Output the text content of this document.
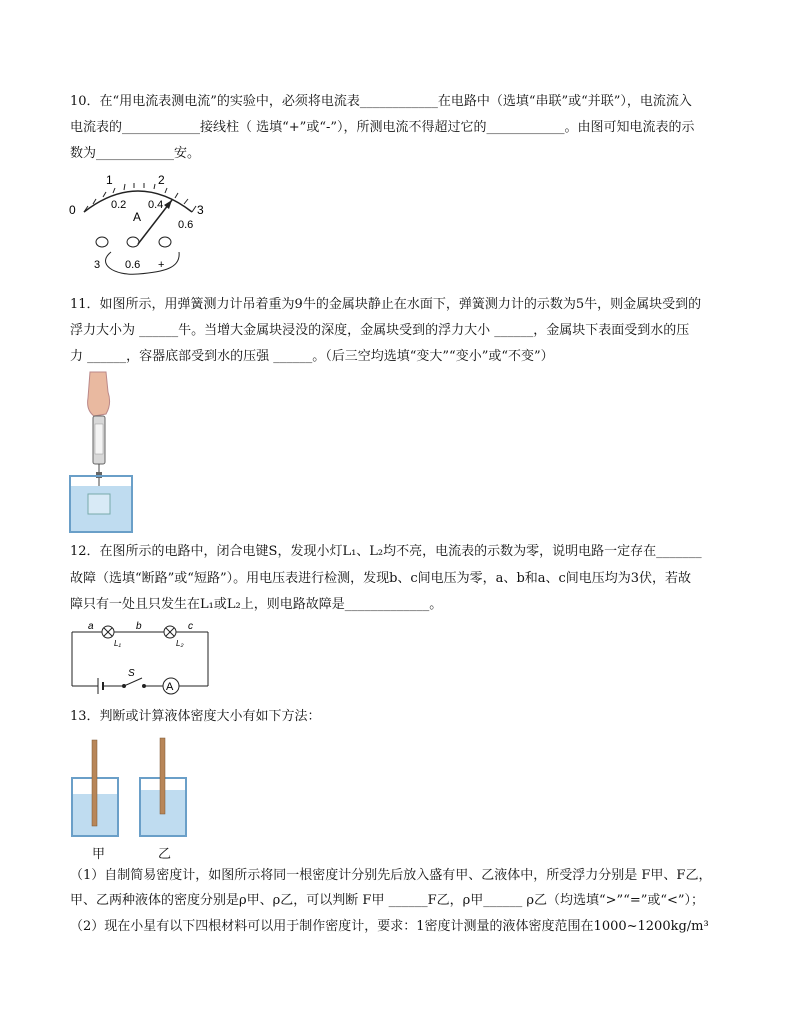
10．在“用电流表测电流”的实验中，必须将电流表____________在电路中（选填“串联”或“并联”），电流流入
电流表的____________接线柱（ 选填“+”或“-”），所测电流不得超过它的____________。由图可知电流表的示
数为____________安。
0
1	2
3
0.2 0.4
0.6
A
3 0.6 +
11．如图所示，用弹簧测力计吊着重为9牛的金属块静止在水面下，弹簧测力计的示数为5牛，则金属块受到的
浮力大小为 ______牛。当增大金属块浸没的深度，金属块受到的浮力大小 ______，金属块下表面受到水的压
力 ______，容器底部受到水的压强 ______。（后三空均选填“变大”“变小”或“不变”）
12．在图所示的电路中，闭合电键S，发现小灯L₁、L₂均不亮，电流表的示数为零，说明电路一定存在_______
故障（选填“断路”或“短路”）。用电压表进行检测，发现b、c间电压为零，a、b和a、c间电压均为3伏，若故
障只有一处且只发生在L₁或L₂上，则电路故障是_____________。
A
a	b	c
L₁	L₂
S
13．判断或计算液体密度大小有如下方法：
甲	乙
（1）自制简易密度计，如图所示将同一根密度计分别先后放入盛有甲、乙液体中，所受浮力分别是 F甲、F乙，
甲、乙两种液体的密度分别是ρ甲、ρ乙，可以判断 F甲 ______F乙，ρ甲______ ρ乙（均选填“>”“=”或“<”）；
（2）现在小星有以下四根材料可以用于制作密度计，要求：1密度计测量的液体密度范围在1000~1200kg/m³
